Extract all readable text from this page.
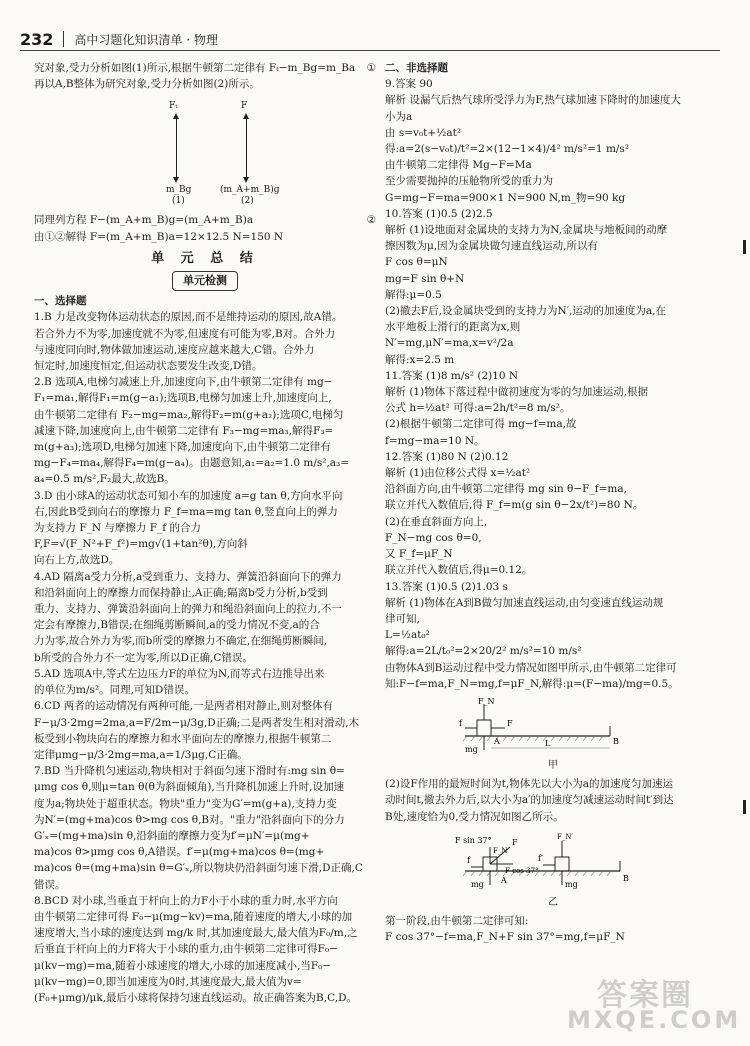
232 高中习题化知识清单 · 物理
究对象,受力分析如图(1)所示,根据牛顿第二定律有 Fₜ−m_Bg=m_Ba ①

再以A,B整体为研究对象,受力分析如图(2)所示。

Fₜ
m_Bg
(1)
F
(m_A+m_B)g
(2)
同理列方程 F−(m_A+m_B)g=(m_A+m_B)a	②

由①②解得 F=(m_A+m_B)a=12×12.5 N=150 N

单 元 总 结
单元检测

一、选择题

1.B 力是改变物体运动状态的原因,而不是维持运动的原因,故A错。

若合外力不为零,加速度就不为零,但速度有可能为零,B对。合外力

与速度同向时,物体做加速运动,速度应越来越大,C错。合外力

恒定时,加速度恒定,但运动状态要发生改变,D错。

2.B 选项A,电梯匀减速上升,加速度向下,由牛顿第二定律有 mg−

F₁=ma₁,解得F₁=m(g−a₁);选项B,电梯匀加速上升,加速度向上,

由牛顿第二定律有 F₂−mg=ma₂,解得F₂=m(g+a₂);选项C,电梯匀

减速下降,加速度向上,由牛顿第二定律有 F₃−mg=ma₃,解得F₃=

m(g+a₃);选项D,电梯匀加速下降,加速度向下,由牛顿第二定律有

mg−F₄=ma₄,解得F₄=m(g−a₄)。由题意知,a₁=a₂=1.0 m/s²,a₃=

a₄=0.5 m/s²,F₂最大,故选B。

3.D 由小球A的运动状态可知小车的加速度 a=g tan θ,方向水平向

右,因此B受到向右的摩擦力 F_f=ma=mg tan θ,竖直向上的弹力

为支持力 F_N 与摩擦力 F_f 的合力 F,F=√(F_N²+F_f²)=mg√(1+tan²θ),方向斜

向右上方,故选D。

4.AD 隔离a受力分析,a受到重力、支持力、弹簧沿斜面向下的弹力

和沿斜面向上的摩擦力而保持静止,A正确;隔离b受力分析,b受到

重力、支持力、弹簧沿斜面向上的弹力和绳沿斜面向上的拉力,不一

定会有摩擦力,B错误;在细绳剪断瞬间,a的受力情况不变,a的合

力为零,故合外力为零,而b所受的摩擦力不确定,在细绳剪断瞬间,

b所受的合外力不一定为零,所以D正确,C错误。

5.AD 选项A中,等式左边压力F的单位为N,而等式右边推导出来

的单位为m/s²。同理,可知D错误。

6.CD 两者的运动情况有两种可能,一是两者相对静止,则对整体有

F−μ/3·2mg=2ma,a=F/2m−μ/3g,D正确;二是两者发生相对滑动,木

板受到小物块向右的摩擦力和水平面向左的摩擦力,根据牛顿第二

定律μmg−μ/3·2mg=ma,a=1/3μg,C正确。

7.BD 当升降机匀速运动,物块相对于斜面匀速下滑时有:mg sin θ=

μmg cos θ,则μ=tan θ(θ为斜面倾角),当升降机加速上升时,设加速

度为a;物块处于超重状态。物块"重力"变为G′=m(g+a),支持力变

为N′=(mg+ma)cos θ>mg cos θ,B对。"重力"沿斜面向下的分力

G′ₓ=(mg+ma)sin θ,沿斜面的摩擦力变为f′=μN′=μ(mg+

ma)cos θ>μmg cos θ,A错误。f′=μ(mg+ma)cos θ=(mg+

ma)cos θ=(mg+ma)sin θ=G′ₓ,所以物块仍沿斜面匀速下滑,D正确,C

错误。

8.BCD 对小球,当垂直于杆向上的力F小于小球的重力时,水平方向

由牛顿第二定律可得 F₀−μ(mg−kv)=ma,随着速度的增大,小球的加

速度增大,当小球的速度达到 mg/k 时,其加速度最大,最大值为F₀/m,之

后垂直于杆向上的力F将大于小球的重力,由牛顿第二定律可得F₀−

μ(kv−mg)=ma,随着小球速度的增大,小球的加速度减小,当F₀−

μ(kv−mg)=0,即当加速度为0时,其速度最大,最大值为v=

(F₀+μmg)/μk,最后小球将保持匀速直线运动。故正确答案为B,C,D。

二、非选择题

9.答案 90

解析 设漏气后热气球所受浮力为F,热气球加速下降时的加速度大

小为a

由 s=v₀t+½at²

得:a=2(s−v₀t)/t²=2×(12−1×4)/4² m/s²=1 m/s²

由牛顿第二定律得 Mg−F=Ma

至少需要抛掉的压舱物所受的重力为

G=mg−F=ma=900×1 N=900 N,m_物=90 kg

10.答案 (1)0.5 (2)2.5

解析 (1)设地面对金属块的支持力为N,金属块与地板间的动摩

擦因数为μ,因为金属块做匀速直线运动,所以有

F cos θ=μN

mg=F sin θ+N

解得:μ=0.5

(2)撤去F后,设金属块受到的支持力为N′,运动的加速度为a,在

水平地板上滑行的距离为x,则

N′=mg,μN′=ma,x=v²/2a

解得:x=2.5 m

11.答案 (1)8 m/s² (2)10 N

解析 (1)物体下落过程中做初速度为零的匀加速运动,根据

公式 h=½at² 可得:a=2h/t²=8 m/s²。

(2)根据牛顿第二定律可得 mg−f=ma,故

f=mg−ma=10 N。

12.答案 (1)80 N (2)0.12

解析 (1)由位移公式得 x=½at²

沿斜面方向,由牛顿第二定律得 mg sin θ−F_f=ma,

联立并代入数值后,得 F_f=m(g sin θ−2x/t²)=80 N。

(2)在垂直斜面方向上,

F_N−mg cos θ=0,

又 F_f=μF_N

联立并代入数值后,得μ=0.12。

13.答案 (1)0.5 (2)1.03 s

解析 (1)物体在A到B做匀加速直线运动,由匀变速直线运动规

律可知,

L=½at₀²

解得:a=2L/t₀²=2×20/2² m/s²=10 m/s²

由物体A到B运动过程中受力情况如图甲所示,由牛顿第二定律可

知:F−f=ma,F_N=mg,f=μF_N,解得:μ=(F−ma)/mg=0.5。

F_N
f	F
mg
A	B
L
甲

(2)设F作用的最短时间为t,物体先以大小为a的加速度匀加速运

动时间t,撤去外力后,以大小为a′的加速度匀减速运动时间t′到达

B处,速度恰为0,受力情况如图乙所示。

F sin 37°	F
F_N
F cos 37°
F_N′
f	f′
mg	mg
A	B
乙

第一阶段,由牛顿第二定律可知:

F cos 37°−f=ma,F_N+F sin 37°=mg,f=μF_N

答案圈
MXQE.COM
